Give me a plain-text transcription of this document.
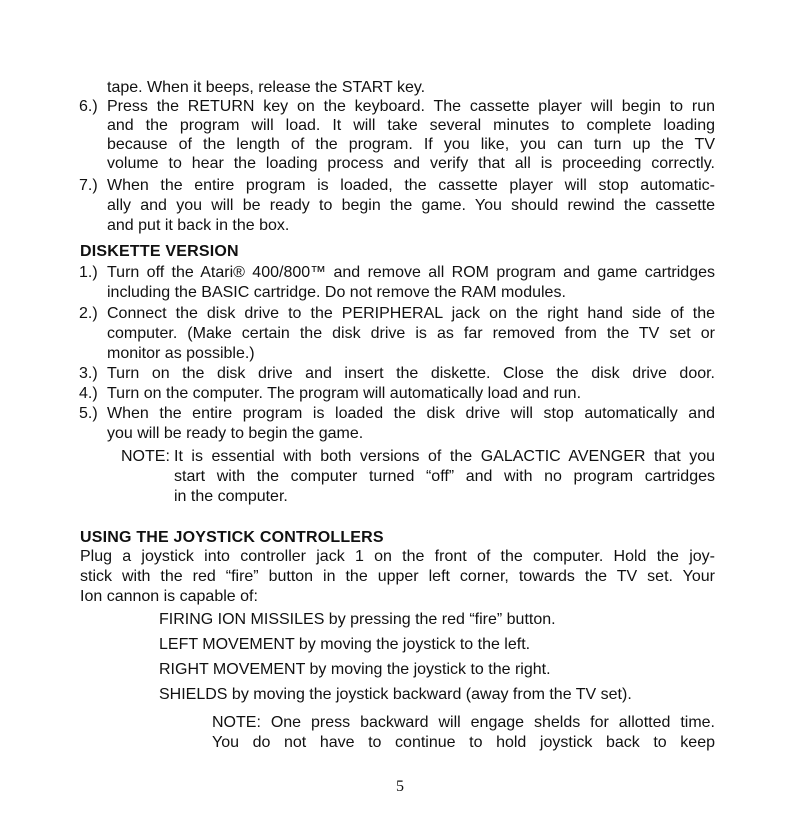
tape. When it beeps, release the START key.
6.) Press the RETURN key on the keyboard. The cassette player will begin to run
and the program will load. It will take several minutes to complete loading
because of the length of the program. If you like, you can turn up the TV
volume to hear the loading process and verify that all is proceeding correctly.
7.) When the entire program is loaded, the cassette player will stop automatic-
ally and you will be ready to begin the game. You should rewind the cassette
and put it back in the box.
DISKETTE VERSION
1.) Turn off the Atari® 400/800™ and remove all ROM program and game cartridges
including the BASIC cartridge. Do not remove the RAM modules.
2.) Connect the disk drive to the PERIPHERAL jack on the right hand side of the
computer. (Make certain the disk drive is as far removed from the TV set or
monitor as possible.)
3.) Turn on the disk drive and insert the diskette. Close the disk drive door.
4.) Turn on the computer. The program will automatically load and run.
5.) When the entire program is loaded the disk drive will stop automatically and
you will be ready to begin the game.
NOTE: It is essential with both versions of the GALACTIC AVENGER that you
start with the computer turned “off” and with no program cartridges
in the computer.
USING THE JOYSTICK CONTROLLERS
Plug a joystick into controller jack 1 on the front of the computer. Hold the joy-
stick with the red “fire” button in the upper left corner, towards the TV set. Your
Ion cannon is capable of:
FIRING ION MISSILES by pressing the red “fire” button.
LEFT MOVEMENT by moving the joystick to the left.
RIGHT MOVEMENT by moving the joystick to the right.
SHIELDS by moving the joystick backward (away from the TV set).
NOTE: One press backward will engage shelds for allotted time.
You do not have to continue to hold joystick back to keep
5
